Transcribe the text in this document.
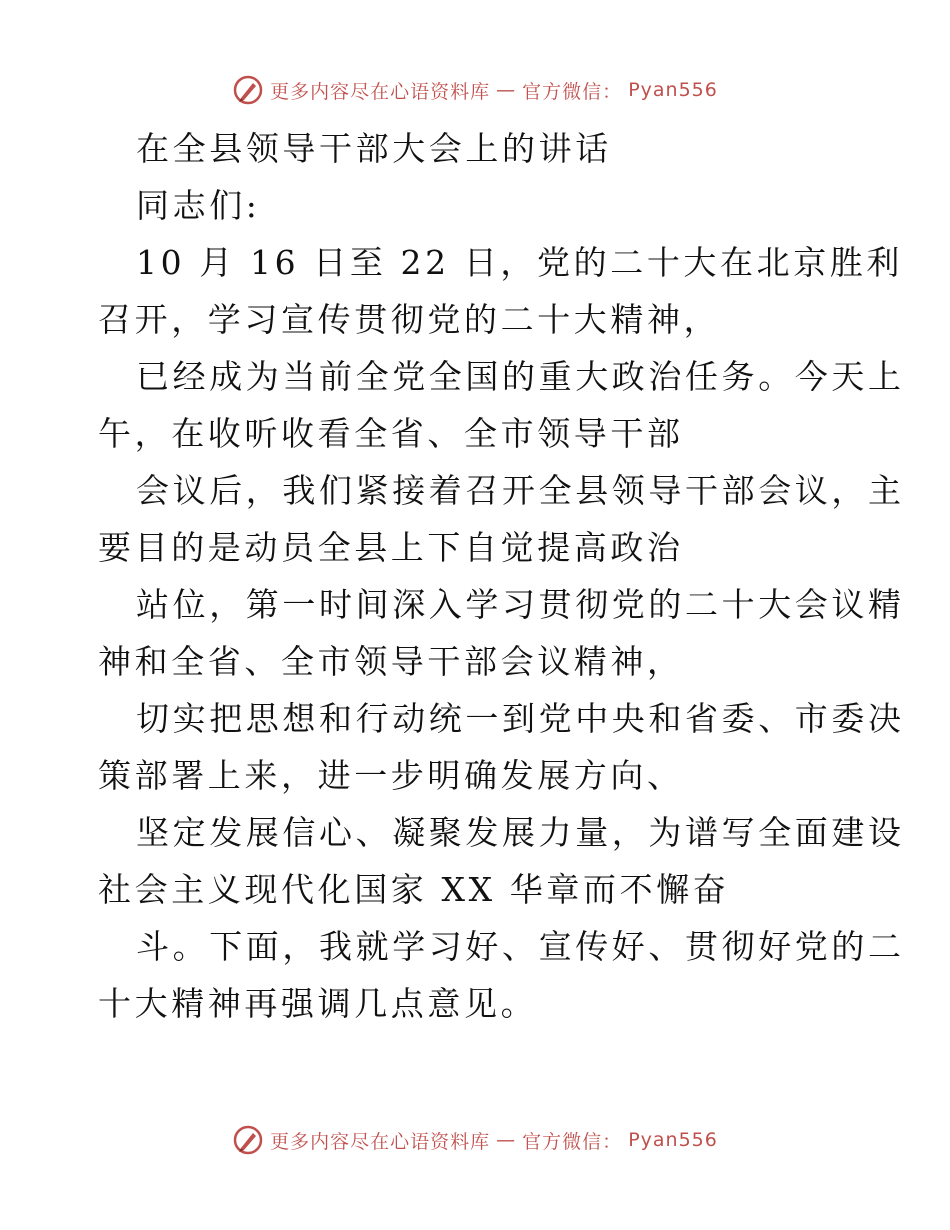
更多内容尽在心语资料库 — 官方微信： Pyan556
在全县领导干部大会上的讲话
同志们:
10 月 16 日至 22 日，党的二十大在北京胜利
召开，学习宣传贯彻党的二十大精神，
已经成为当前全党全国的重大政治任务。今天上
午，在收听收看全省、全市领导干部
会议后，我们紧接着召开全县领导干部会议，主
要目的是动员全县上下自觉提高政治
站位，第一时间深入学习贯彻党的二十大会议精
神和全省、全市领导干部会议精神，
切实把思想和行动统一到党中央和省委、市委决
策部署上来，进一步明确发展方向、
坚定发展信心、凝聚发展力量，为谱写全面建设
社会主义现代化国家 XX 华章而不懈奋
斗。下面，我就学习好、宣传好、贯彻好党的二
十大精神再强调几点意见。
更多内容尽在心语资料库 — 官方微信： Pyan556
